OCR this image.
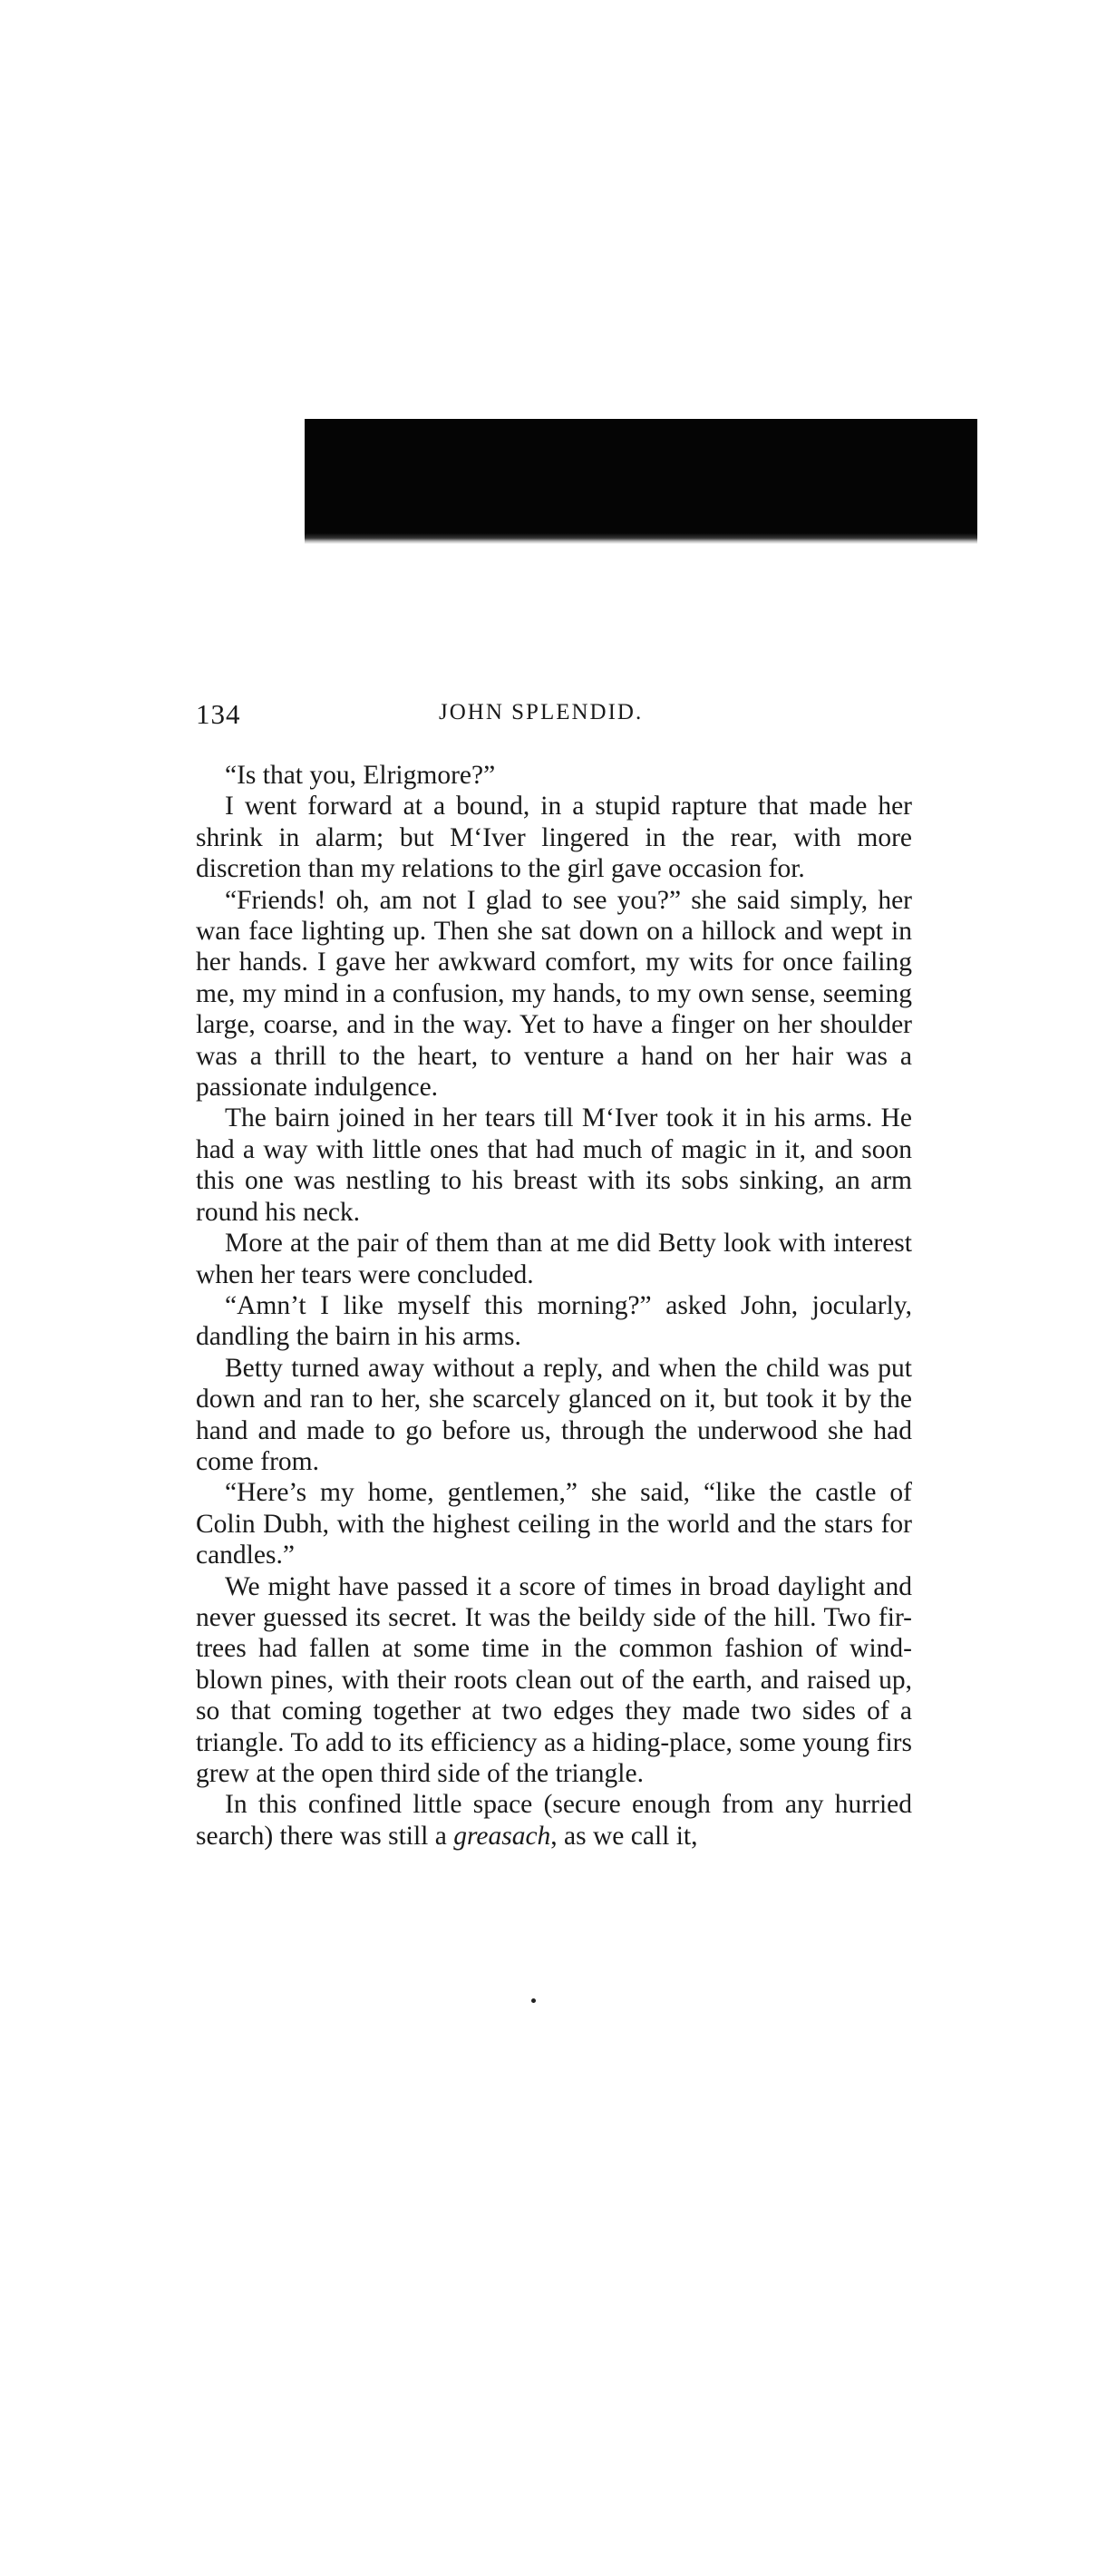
134	JOHN SPLENDID.

“Is that you, Elrigmore?”

I went forward at a bound, in a stupid rapture that made her shrink in alarm; but M‘Iver lingered in the rear, with more discretion than my relations to the girl gave occasion for.

“Friends! oh, am not I glad to see you?” she said simply, her wan face lighting up. Then she sat down on a hillock and wept in her hands. I gave her awkward comfort, my wits for once failing me, my mind in a confusion, my hands, to my own sense, seeming large, coarse, and in the way. Yet to have a finger on her shoulder was a thrill to the heart, to venture a hand on her hair was a passionate indulgence.

The bairn joined in her tears till M‘Iver took it in his arms. He had a way with little ones that had much of magic in it, and soon this one was nestling to his breast with its sobs sinking, an arm round his neck.

More at the pair of them than at me did Betty look with interest when her tears were concluded.

“Amn’t I like myself this morning?” asked John, jocularly, dandling the bairn in his arms.

Betty turned away without a reply, and when the child was put down and ran to her, she scarcely glanced on it, but took it by the hand and made to go before us, through the underwood she had come from.

“Here’s my home, gentlemen,” she said, “like the castle of Colin Dubh, with the highest ceiling in the world and the stars for candles.”

We might have passed it a score of times in broad daylight and never guessed its secret. It was the beildy side of the hill. Two fir-trees had fallen at some time in the common fashion of wind-blown pines, with their roots clean out of the earth, and raised up, so that coming together at two edges they made two sides of a triangle. To add to its efficiency as a hiding-place, some young firs grew at the open third side of the triangle.

In this confined little space (secure enough from any hurried search) there was still a greasach, as we call it,
